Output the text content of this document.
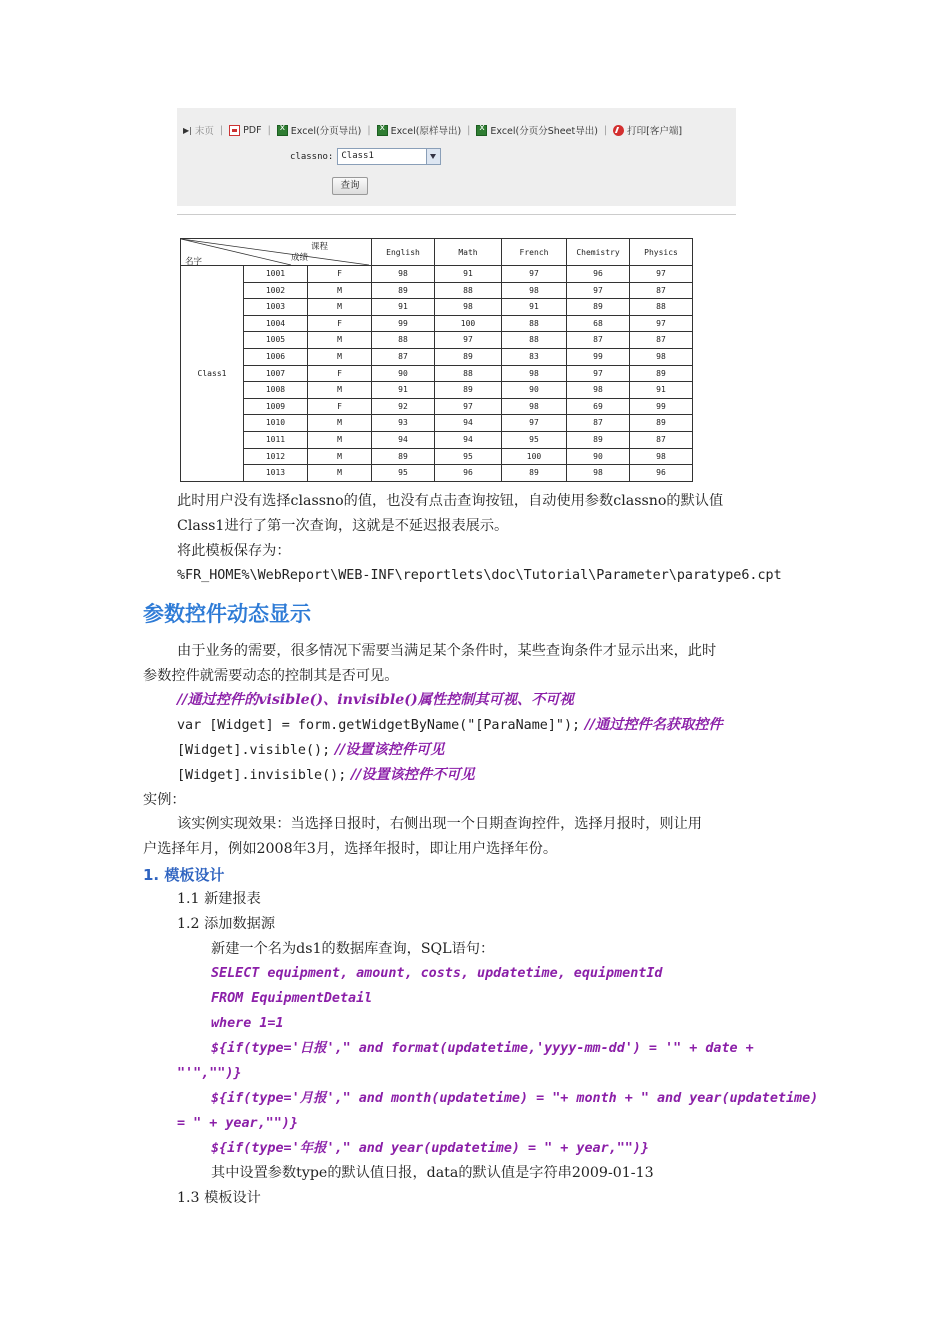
▶| 末页 | PDF | x Excel(分页导出) | x Excel(原样导出) | x Excel(分页分Sheet导出) | 打印[客户端]
classno: Class1
查询
课程
成绩
名字			English	Math	French	Chemistry	Physics
Class1	1001	F	98	91	97	96	97
	1002	M	89	88	98	97	87
	1003	M	91	98	91	89	88
	1004	F	99	100	88	68	97
	1005	M	88	97	88	87	87
	1006	M	87	89	83	99	98
	1007	F	90	88	98	97	89
	1008	M	91	89	90	98	91
	1009	F	92	97	98	69	99
	1010	M	93	94	97	87	89
	1011	M	94	94	95	89	87
	1012	M	89	95	100	90	98
	1013	M	95	96	89	98	96
此时用户没有选择classno的值，也没有点击查询按钮，自动使用参数classno的默认值
Class1进行了第一次查询，这就是不延迟报表展示。
将此模板保存为：
%FR_HOME%\WebReport\WEB-INF\reportlets\doc\Tutorial\Parameter\paratype6.cpt
参数控件动态显示
由于业务的需要，很多情况下需要当满足某个条件时，某些查询条件才显示出来，此时
参数控件就需要动态的控制其是否可见。
//通过控件的visible()、invisible()属性控制其可视、不可视
var [Widget] = form.getWidgetByName("[ParaName]"); //通过控件名获取控件
[Widget].visible(); //设置该控件可见
[Widget].invisible(); //设置该控件不可见
实例：
该实例实现效果：当选择日报时，右侧出现一个日期查询控件，选择月报时，则让用
户选择年月，例如2008年3月，选择年报时，即让用户选择年份。
1. 模板设计
1.1 新建报表
1.2 添加数据源
新建一个名为ds1的数据库查询，SQL语句：
SELECT equipment, amount, costs, updatetime, equipmentId
FROM EquipmentDetail
where 1=1
${if(type='日报'," and format(updatetime,'yyyy-mm-dd') = '" + date +
"'","")}
${if(type='月报'," and month(updatetime) = "+ month + " and year(updatetime)
= " + year,"")}
${if(type='年报'," and year(updatetime) = " + year,"")}
其中设置参数type的默认值日报，data的默认值是字符串2009-01-13
1.3 模板设计
